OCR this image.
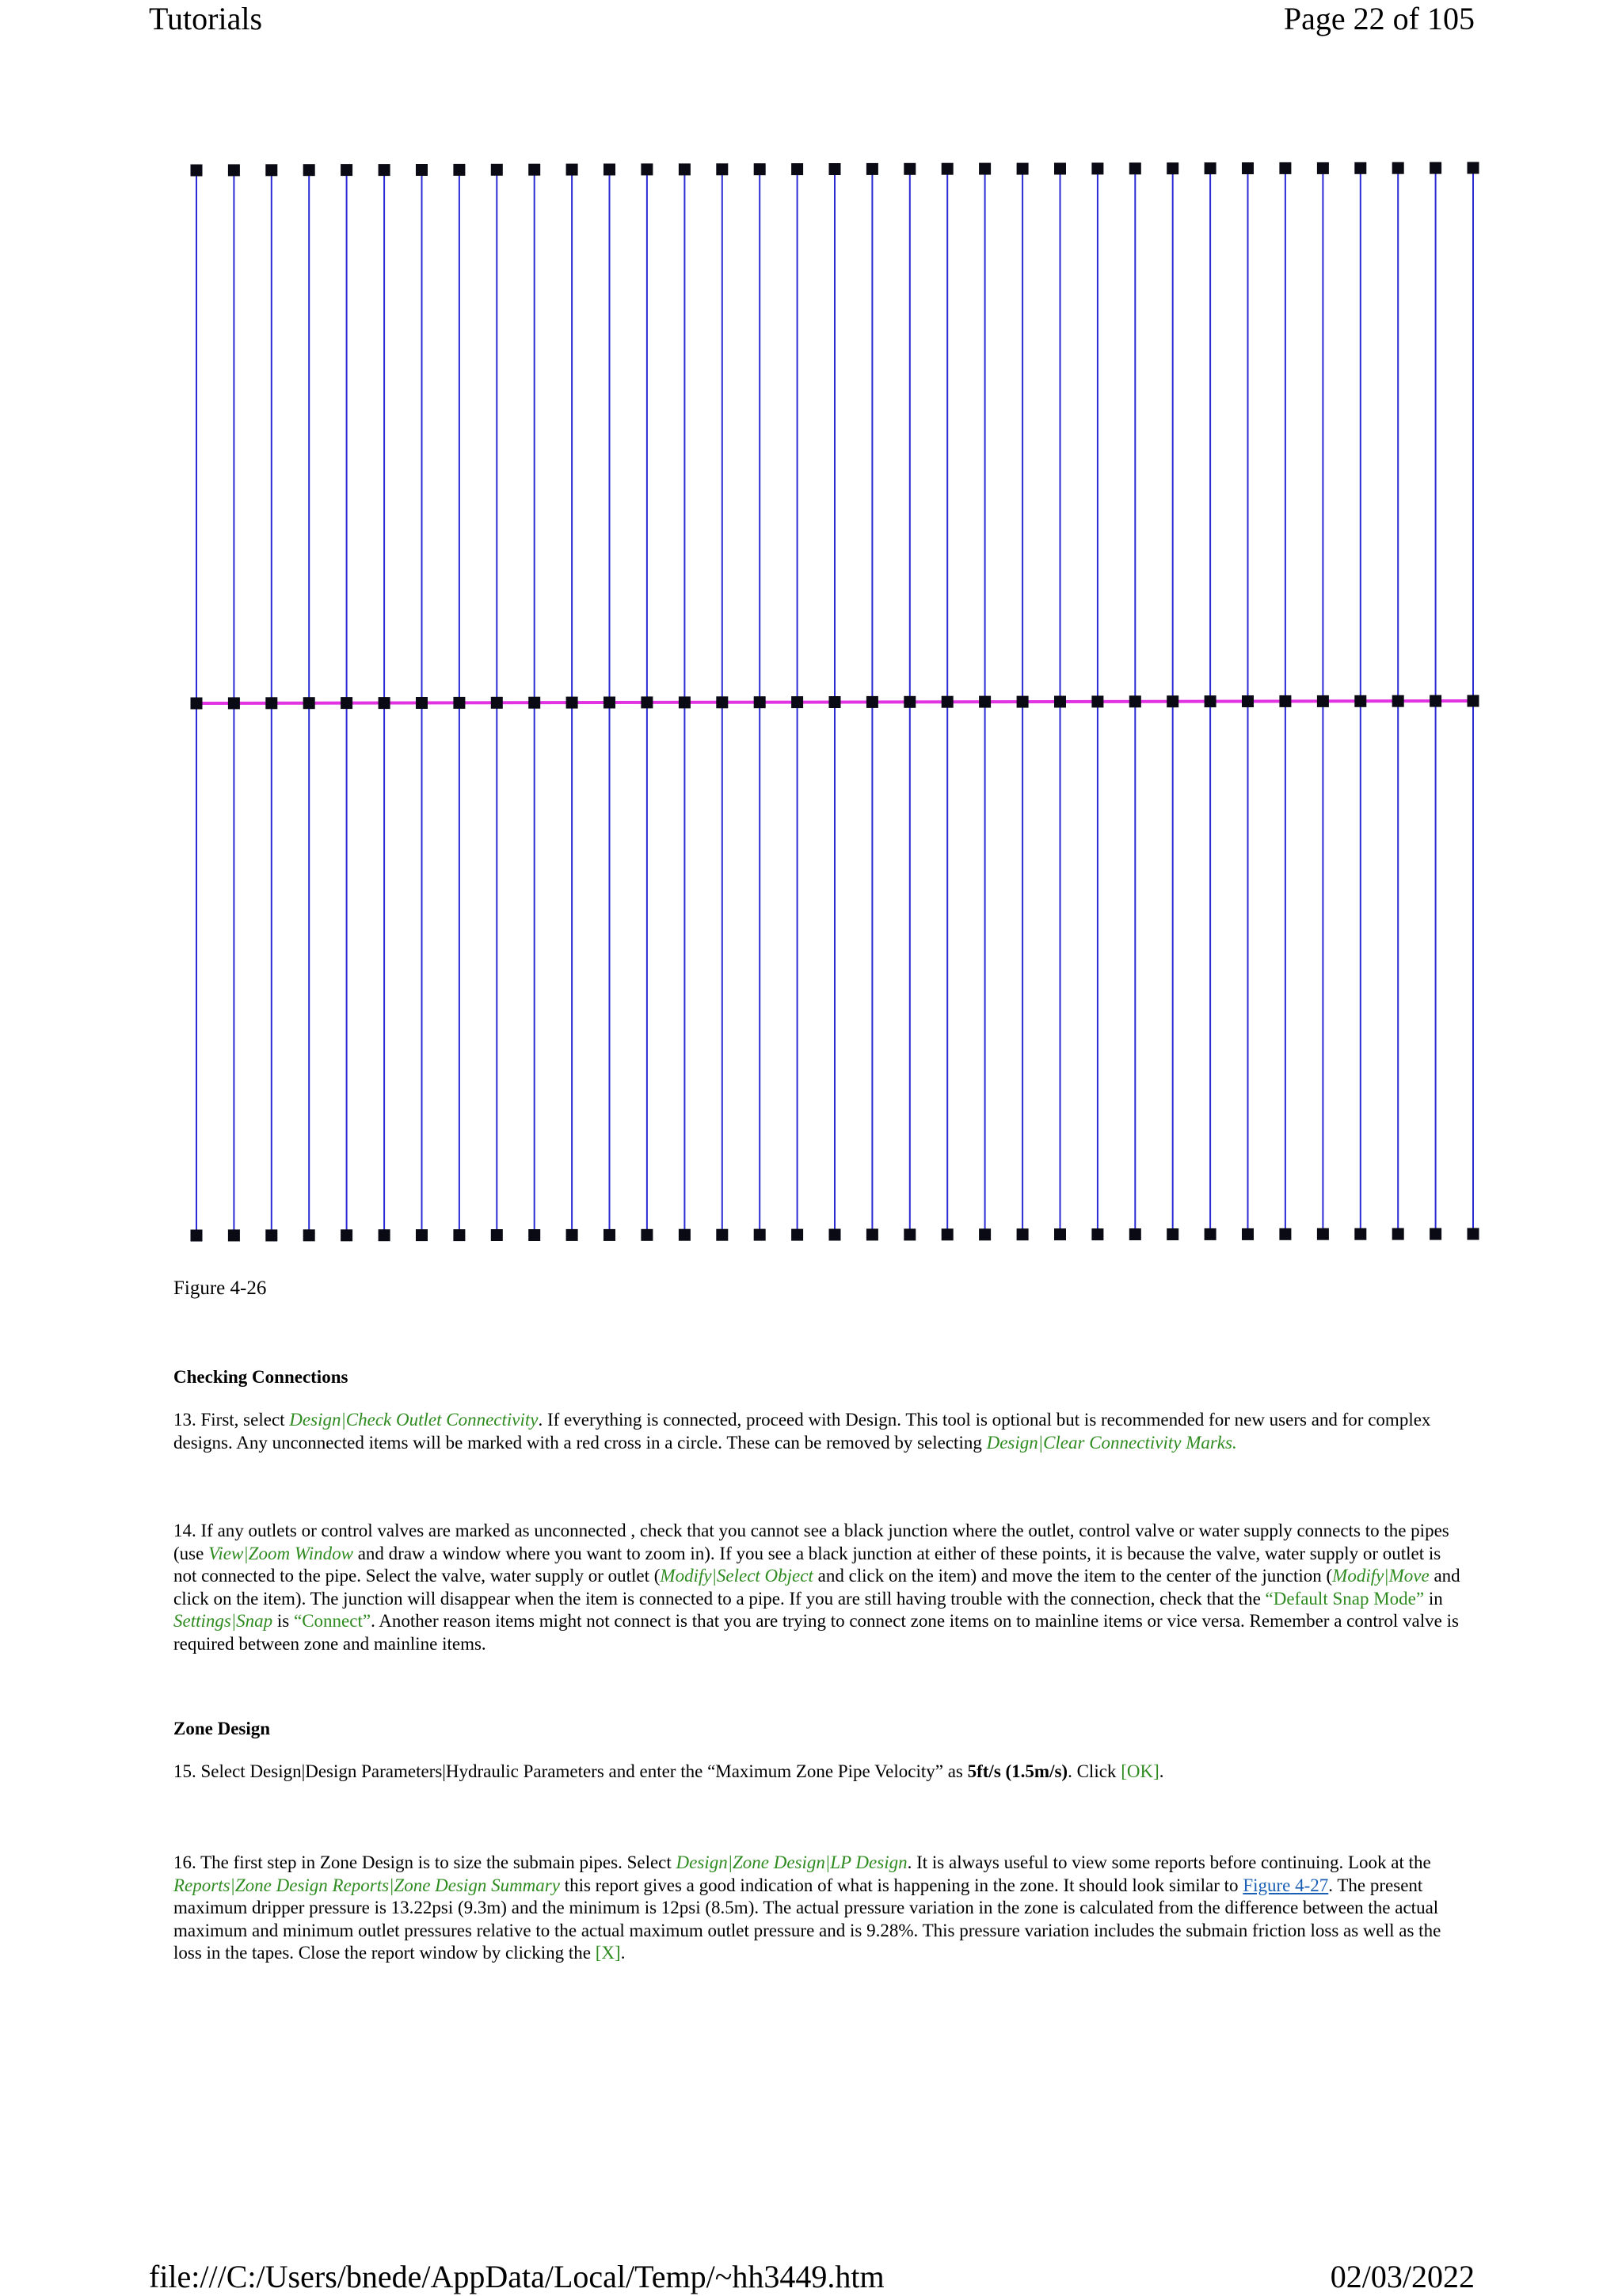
Tutorials	Page 22 of 105
Figure 4-26
Checking Connections
13. First, select Design|Check Outlet Connectivity. If everything is connected, proceed with Design. This tool is optional but is recommended for new users and for complex designs. Any unconnected items will be marked with a red cross in a circle. These can be removed by selecting Design|Clear Connectivity Marks.
14. If any outlets or control valves are marked as unconnected , check that you cannot see a black junction where the outlet, control valve or water supply connects to the pipes (use View|Zoom Window and draw a window where you want to zoom in). If you see a black junction at either of these points, it is because the valve, water supply or outlet is not connected to the pipe. Select the valve, water supply or outlet (Modify|Select Object and click on the item) and move the item to the center of the junction (Modify|Move and click on the item). The junction will disappear when the item is connected to a pipe. If you are still having trouble with the connection, check that the “Default Snap Mode” in Settings|Snap is “Connect”. Another reason items might not connect is that you are trying to connect zone items on to mainline items or vice versa. Remember a control valve is required between zone and mainline items.
Zone Design
15. Select Design|Design Parameters|Hydraulic Parameters and enter the “Maximum Zone Pipe Velocity” as 5ft/s (1.5m/s). Click [OK].
16. The first step in Zone Design is to size the submain pipes. Select Design|Zone Design|LP Design. It is always useful to view some reports before continuing. Look at the Reports|Zone Design Reports|Zone Design Summary this report gives a good indication of what is happening in the zone. It should look similar to Figure 4-27. The present maximum dripper pressure is 13.22psi (9.3m) and the minimum is 12psi (8.5m). The actual pressure variation in the zone is calculated from the difference between the actual maximum and minimum outlet pressures relative to the actual maximum outlet pressure and is 9.28%. This pressure variation includes the submain friction loss as well as the loss in the tapes. Close the report window by clicking the [X].
file:///C:/Users/bnede/AppData/Local/Temp/~hh3449.htm	02/03/2022
